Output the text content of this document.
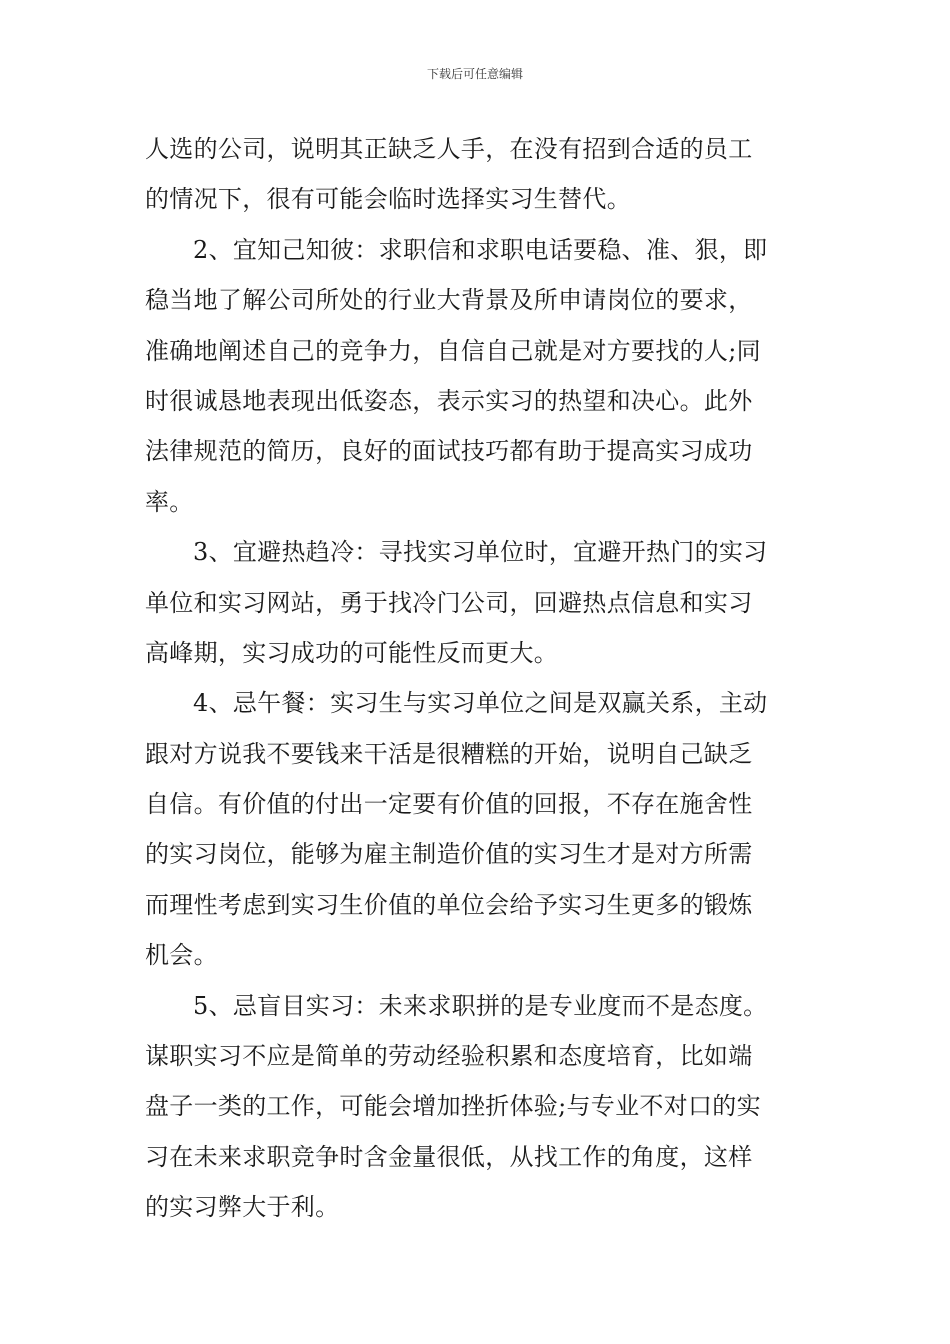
下载后可任意编辑
人选的公司，说明其正缺乏人手，在没有招到合适的员工
的情况下，很有可能会临时选择实习生替代。
2、宜知己知彼：求职信和求职电话要稳、准、狠，即
稳当地了解公司所处的行业大背景及所申请岗位的要求，
准确地阐述自己的竞争力，自信自己就是对方要找的人;同
时很诚恳地表现出低姿态，表示实习的热望和决心。此外
法律规范的简历，良好的面试技巧都有助于提高实习成功
率。
3、宜避热趋冷：寻找实习单位时，宜避开热门的实习
单位和实习网站，勇于找冷门公司，回避热点信息和实习
高峰期，实习成功的可能性反而更大。
4、忌午餐：实习生与实习单位之间是双赢关系，主动
跟对方说我不要钱来干活是很糟糕的开始，说明自己缺乏
自信。有价值的付出一定要有价值的回报，不存在施舍性
的实习岗位，能够为雇主制造价值的实习生才是对方所需
而理性考虑到实习生价值的单位会给予实习生更多的锻炼
机会。
5、忌盲目实习：未来求职拼的是专业度而不是态度。
谋职实习不应是简单的劳动经验积累和态度培育，比如端
盘子一类的工作，可能会增加挫折体验;与专业不对口的实
习在未来求职竞争时含金量很低，从找工作的角度，这样
的实习弊大于利。
